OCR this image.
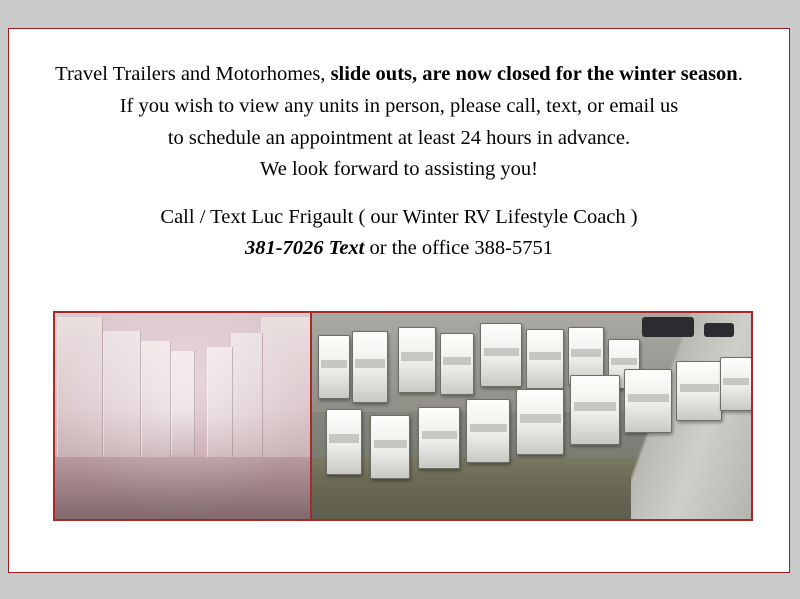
Travel Trailers and Motorhomes, slide outs, are now closed for the winter season.
If you wish to view any units in person, please call, text, or email us
to schedule an appointment at least 24 hours in advance.
We look forward to assisting you!
Call / Text Luc Frigault ( our Winter RV Lifestyle Coach )
381-7026 Text or the office 388-5751
